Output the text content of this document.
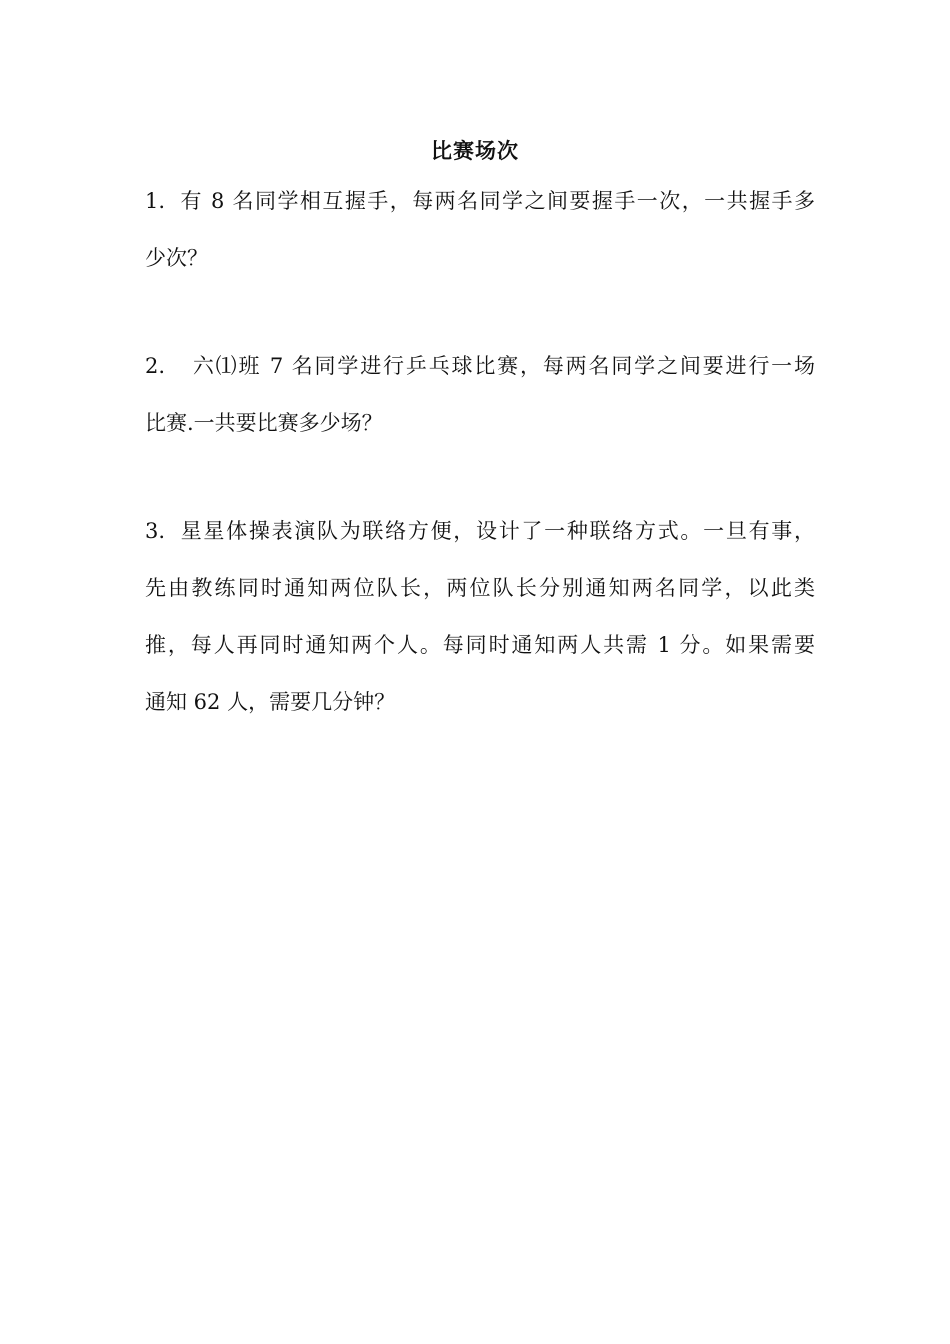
比赛场次
1. 有 8 名同学相互握手，每两名同学之间要握手一次，一共握手多
少次？
2. 六⑴班 7 名同学进行乒乓球比赛，每两名同学之间要进行一场
比赛.一共要比赛多少场？
3. 星星体操表演队为联络方便，设计了一种联络方式。一旦有事，
先由教练同时通知两位队长，两位队长分别通知两名同学，以此类
推，每人再同时通知两个人。每同时通知两人共需 1 分。如果需要
通知 62 人，需要几分钟？
